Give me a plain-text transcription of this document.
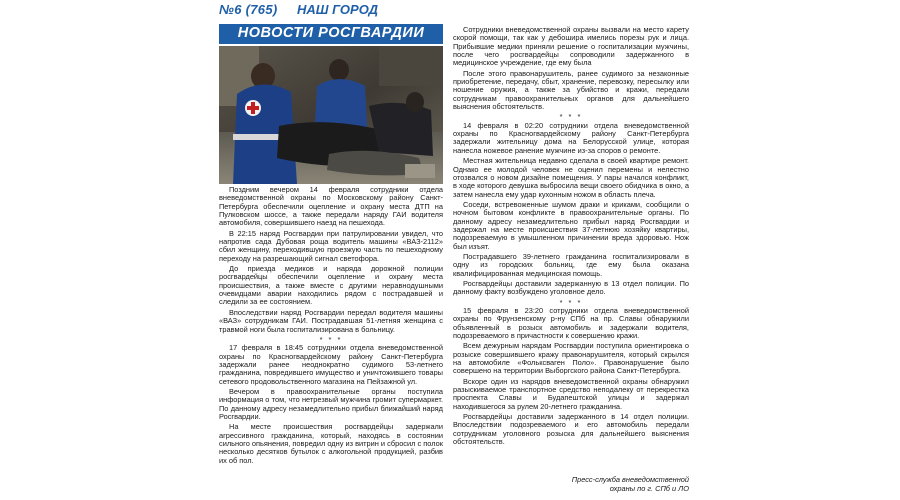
№6 (765) НАШ ГОРОД
НОВОСТИ РОСГВАРДИИ

Поздним вечером 14 февраля сотрудники отдела вневедомственной охраны по Московскому району Санкт-Петербурга обеспечили оцепление и охрану места ДТП на Пулковском шоссе, а также передали наряду ГАИ водителя автомобиля, совершившего наезд на пешехода.

В 22:15 наряд Росгвардии при патрулировании увидел, что напротив сада Дубовая роща водитель машины «ВАЗ-2112» сбил женщину, переходившую проезжую часть по пешеходному переходу на разрешающий сигнал светофора.

До приезда медиков и наряда дорожной полиции росгвардейцы обеспечили оцепление и охрану места происшествия, а также вместе с другими неравнодушными очевидцами аварии находились рядом с пострадавшей и следили за ее состоянием.

Впоследствии наряд Росгвардии передал водителя машины «ВАЗ» сотрудникам ГАИ. Пострадавшая 51-летняя женщина с травмой ноги была госпитализирована в больницу.

* * *

17 февраля в 18:45 сотрудники отдела вневедомственной охраны по Красногвардейскому району Санкт-Петербурга задержали ранее неоднократно судимого 53-летнего гражданина, повредившего имущество и уничтожившего товары сетевого продовольственного магазина на Пейзажной ул.

Вечером в правоохранительные органы поступила информация о том, что нетрезвый мужчина громит супермаркет. По данному адресу незамедлительно прибыл ближайший наряд Росгвардии.

На месте происшествия росгвардейцы задержали агрессивного гражданина, который, находясь в состоянии сильного опьянения, повредил одну из витрин и сбросил с полок несколько десятков бутылок с алкогольной продукцией, разбив их об пол.

Сотрудники вневедомственной охраны вызвали на место карету скорой помощи, так как у дебошира имелись порезы рук и лица. Прибывшие медики приняли решение о госпитализации мужчины, после чего росгвардейцы сопроводили задержанного в медицинское учреждение, где ему была

После этого правонарушитель, ранее судимого за незаконные приобретение, передачу, сбыт, хранение, перевозку, пересылку или ношение оружия, а также за убийство и кражи, передали сотрудникам правоохранительных органов для дальнейшего выяснения обстоятельств.

* * *

14 февраля в 02:20 сотрудники отдела вневедомственной охраны по Красногвардейскому району Санкт-Петербурга задержали жительницу дома на Белорусской улице, которая нанесла ножевое ранение мужчине из-за споров о ремонте.

Местная жительница недавно сделала в своей квартире ремонт. Однако ее молодой человек не оценил перемены и нелестно отозвался о новом дизайне помещения. У пары начался конфликт, в ходе которого девушка выбросила вещи своего обидчика в окно, а затем нанесла ему удар кухонным ножом в область плеча.

Соседи, встревоженные шумом драки и криками, сообщили о ночном бытовом конфликте в правоохранительные органы. По данному адресу незамедлительно прибыл наряд Росгвардии и задержал на месте происшествия 37-летнюю хозяйку квартиры, подозреваемую в умышленном причинении вреда здоровью. Нож был изъят.

Пострадавшего 39-летнего гражданина госпитализировали в одну из городских больниц, где ему была оказана квалифицированная медицинская помощь.

Росгвардейцы доставили задержанную в 13 отдел полиции. По данному факту возбуждено уголовное дело.

* * *

15 февраля в 23:20 сотрудники отдела вневедомственной охраны по Фрунзенскому р-ну СПб на пр. Славы обнаружили объявленный в розыск автомобиль и задержали водителя, подозреваемого в причастности к совершению кражи.

Всем дежурным нарядам Росгвардии поступила ориентировка о розыске совершившего кражу правонарушителя, который скрылся на автомобиле «Фольксваген Поло». Правонарушение было совершено на территории Выборгского района Санкт-Петербурга.

Вскоре один из нарядов вневедомственной охраны обнаружил разыскиваемое транспортное средство неподалеку от перекрестка проспекта Славы и Будапештской улицы и задержал находившегося за рулем 20-летнего гражданина.

Росгвардейцы доставили задержанного в 14 отдел полиции. Впоследствии подозреваемого и его автомобиль передали сотрудникам уголовного розыска для дальнейшего выяснения обстоятельств.

Пресс-служба вневедомственной
охраны по г. СПб и ЛО
